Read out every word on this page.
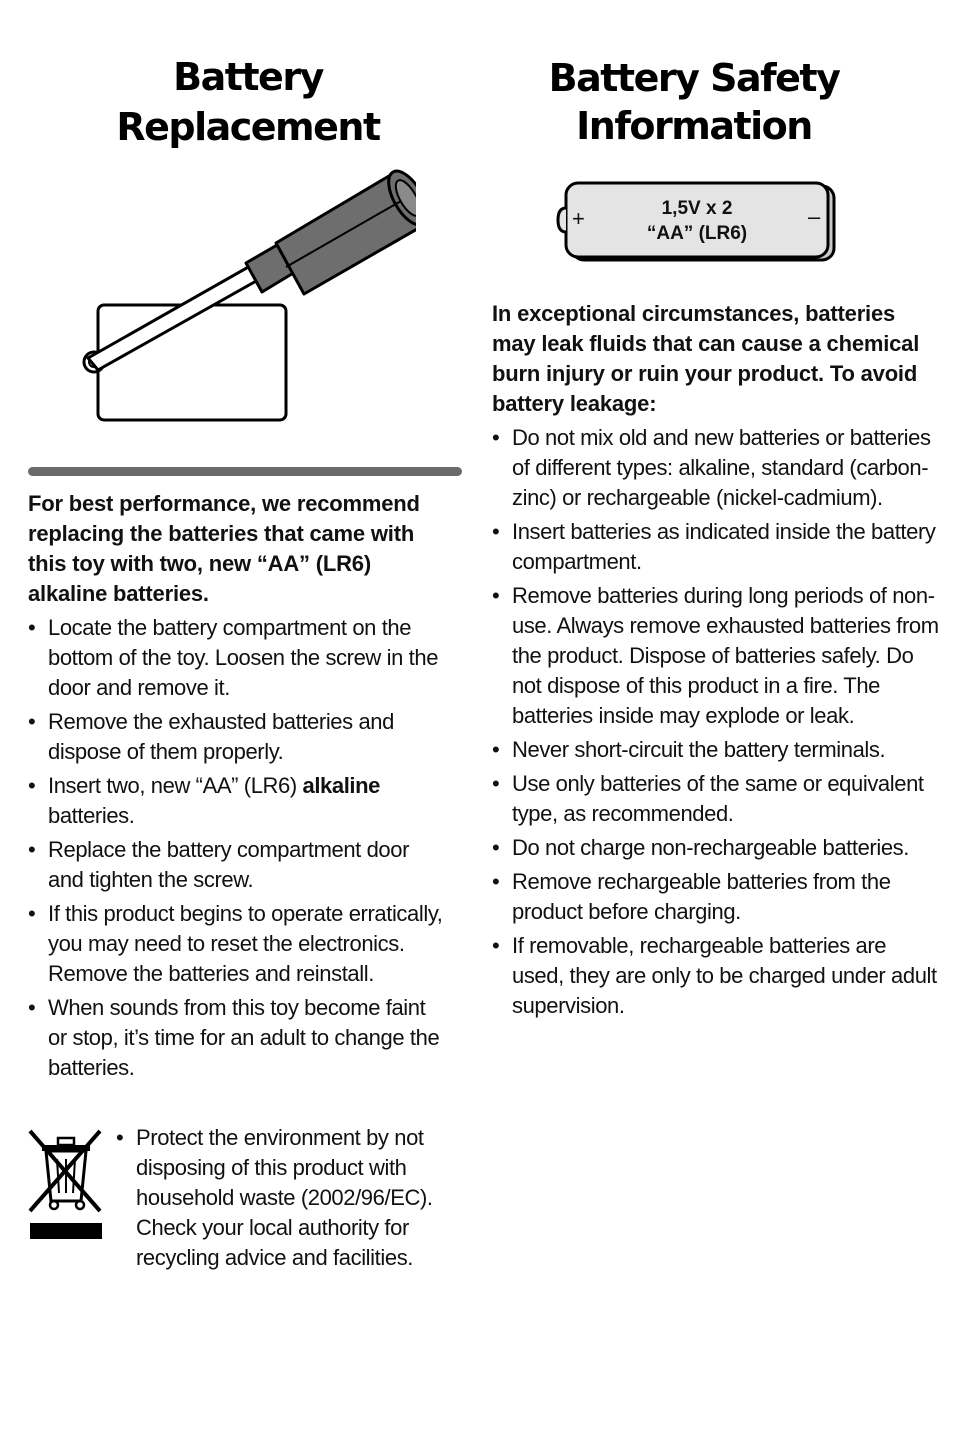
Battery
Replacement
For best performance, we recommend replacing the batteries that came with this toy with two, new “AA” (LR6) alkaline batteries.
• Locate the battery compartment on the bottom of the toy. Loosen the screw in the door and remove it.
• Remove the exhausted batteries and dispose of them properly.
• Insert two, new “AA” (LR6) alkaline batteries.
• Replace the battery compartment door and tighten the screw.
• If this product begins to operate erratically, you may need to reset the electronics. Remove the batteries and reinstall.
• When sounds from this toy become faint or stop, it’s time for an adult to change the batteries.
• Protect the environment by not disposing of this product with household waste (2002/96/EC). Check your local authority for recycling advice and facilities.
Battery Safety
Information
+	–
1,5V x 2
“AA” (LR6)
In exceptional circumstances, batteries may leak fluids that can cause a chemical burn injury or ruin your product. To avoid battery leakage:
• Do not mix old and new batteries or batteries of different types: alkaline, standard (carbon-zinc) or rechargeable (nickel-cadmium).
• Insert batteries as indicated inside the battery compartment.
• Remove batteries during long periods of non-use. Always remove exhausted batteries from the product. Dispose of batteries safely. Do not dispose of this product in a fire. The batteries inside may explode or leak.
• Never short-circuit the battery terminals.
• Use only batteries of the same or equivalent type, as recommended.
• Do not charge non-rechargeable batteries.
• Remove rechargeable batteries from the product before charging.
• If removable, rechargeable batteries are used, they are only to be charged under adult supervision.
